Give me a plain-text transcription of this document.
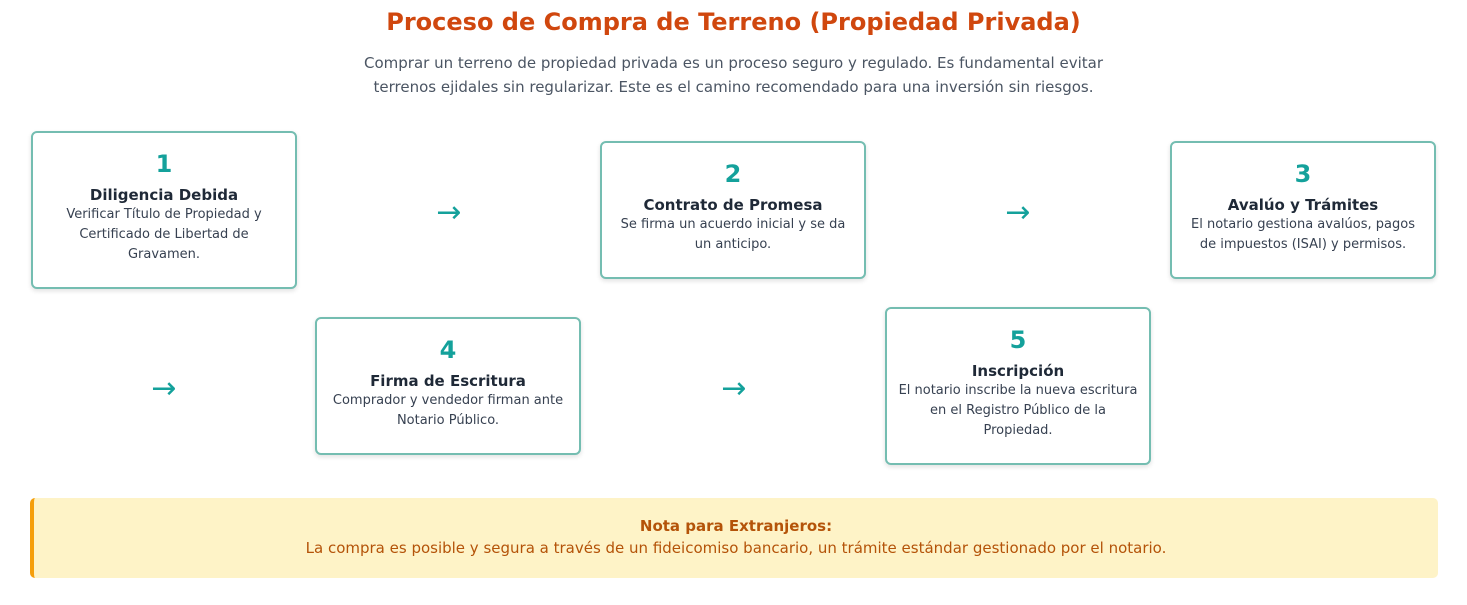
Proceso de Compra de Terreno (Propiedad Privada)
Comprar un terreno de propiedad privada es un proceso seguro y regulado. Es fundamental evitar
terrenos ejidales sin regularizar. Este es el camino recomendado para una inversión sin riesgos.
1
Diligencia Debida
Verificar Título de Propiedad y Certificado de Libertad de Gravamen.
→
2
Contrato de Promesa
Se firma un acuerdo inicial y se da un anticipo.
→
3
Avalúo y Trámites
El notario gestiona avalúos, pagos de impuestos (ISAI) y permisos.
→
4
Firma de Escritura
Comprador y vendedor firman ante Notario Público.
→
5
Inscripción
El notario inscribe la nueva escritura en el Registro Público de la Propiedad.
Nota para Extranjeros:
La compra es posible y segura a través de un fideicomiso bancario, un trámite estándar gestionado por el notario.
